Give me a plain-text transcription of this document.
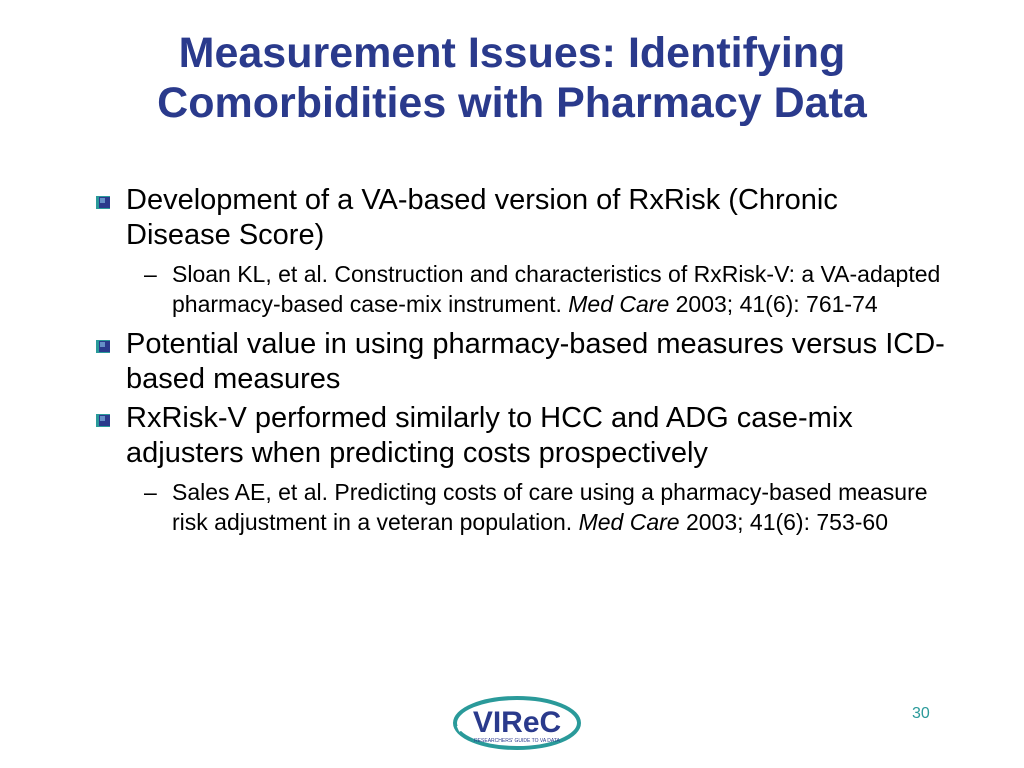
Measurement Issues: Identifying
Comorbidities with Pharmacy Data
Development of a VA-based version of RxRisk (Chronic Disease Score)
– Sloan KL, et al. Construction and characteristics of RxRisk-V: a VA-adapted pharmacy-based case-mix instrument. Med Care 2003; 41(6): 761-74
Potential value in using pharmacy-based measures versus ICD-based measures
RxRisk-V performed similarly to HCC and ADG case-mix adjusters when predicting costs prospectively
– Sales AE, et al. Predicting costs of care using a pharmacy-based measure risk adjustment in a veteran population. Med Care 2003; 41(6): 753-60
VIReC
RESEARCHERS' GUIDE TO VA DATA
30
